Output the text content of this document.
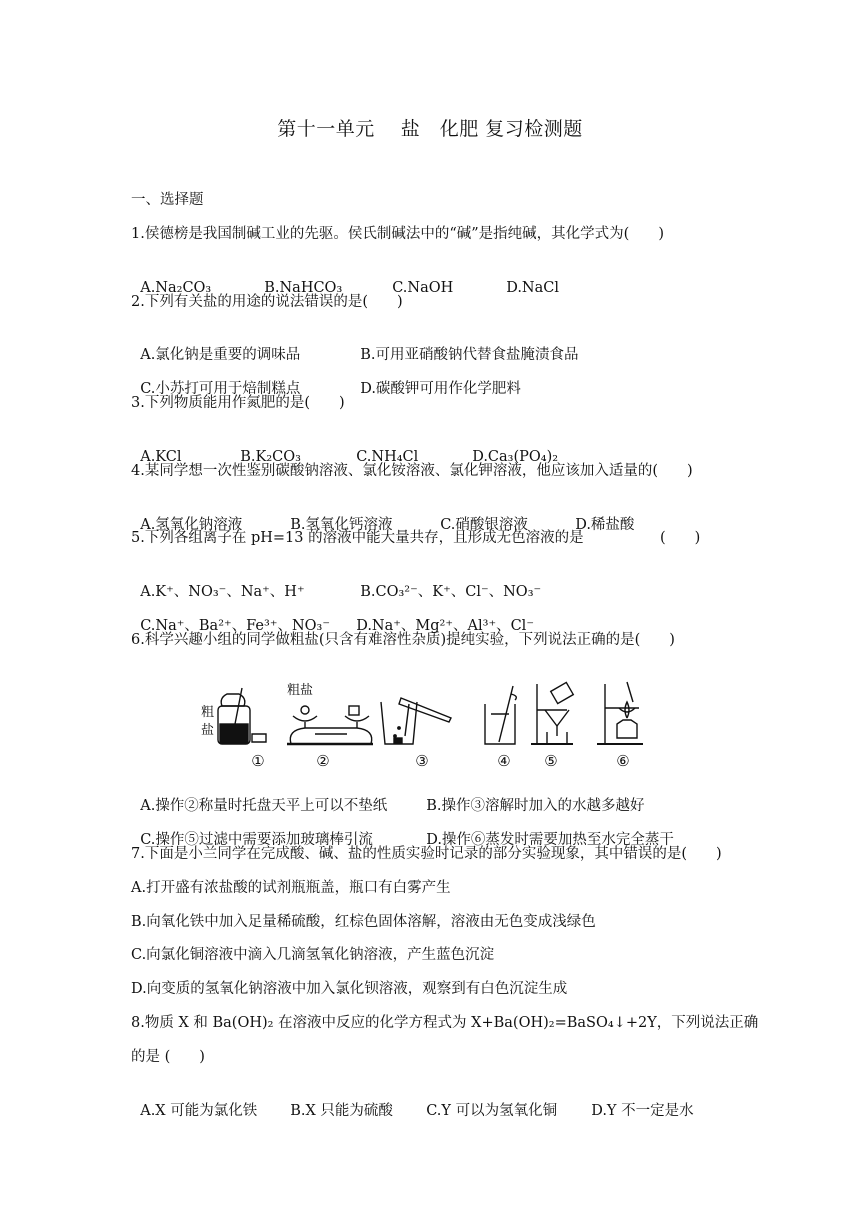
第十一单元　 盐　化肥 复习检测题
一、选择题
1.侯德榜是我国制碱工业的先驱。侯氏制碱法中的“碱”是指纯碱，其化学式为(　　)

A.Na₂CO₃	B.NaHCO₃	C.NaOH	D.NaCl

2.下列有关盐的用途的说法错误的是(　　)

A.氯化钠是重要的调味品	B.可用亚硝酸钠代替食盐腌渍食品

C.小苏打可用于焙制糕点	D.碳酸钾可用作化学肥料

3.下列物质能用作氮肥的是(　　)

A.KCl	B.K₂CO₃	C.NH₄Cl	D.Ca₃(PO₄)₂

4.某同学想一次性鉴别碳酸钠溶液、氯化铵溶液、氯化钾溶液，他应该加入适量的(　　)

A.氢氧化钠溶液	B.氢氧化钙溶液	C.硝酸银溶液	D.稀盐酸

5.下列各组离子在 pH=13 的溶液中能大量共存，且形成无色溶液的是	(　　)

A.K⁺、NO₃⁻、Na⁺、H⁺	B.CO₃²⁻、K⁺、Cl⁻、NO₃⁻

C.Na⁺、Ba²⁺、Fe³⁺、NO₃⁻ D.Na⁺、Mg²⁺、Al³⁺、Cl⁻

6.科学兴趣小组的同学做粗盐(只含有难溶性杂质)提纯实验，下列说法正确的是(　　)
粗
盐
粗盐
①	②	③	④ ⑤	⑥

A.操作②称量时托盘天平上可以不垫纸	B.操作③溶解时加入的水越多越好

C.操作⑤过滤中需要添加玻璃棒引流	D.操作⑥蒸发时需要加热至水完全蒸干

7.下面是小兰同学在完成酸、碱、盐的性质实验时记录的部分实验现象，其中错误的是(　　)
A.打开盛有浓盐酸的试剂瓶瓶盖，瓶口有白雾产生
B.向氧化铁中加入足量稀硫酸，红棕色固体溶解，溶液由无色变成浅绿色
C.向氯化铜溶液中滴入几滴氢氧化钠溶液，产生蓝色沉淀
D.向变质的氢氧化钠溶液中加入氯化钡溶液，观察到有白色沉淀生成
8.物质 X 和 Ba(OH)₂ 在溶液中反应的化学方程式为 X+Ba(OH)₂=BaSO₄↓+2Y，下列说法正确
的是 (　　)

A.X 可能为氯化铁 B.X 只能为硫酸 C.Y 可以为氢氧化铜 D.Y 不一定是水
